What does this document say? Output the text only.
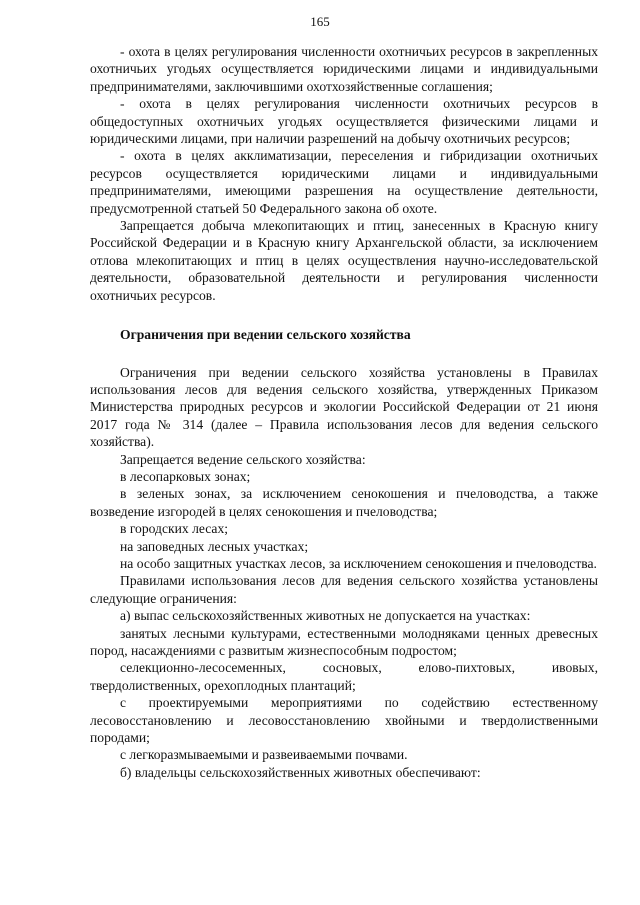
165

- охота в целях регулирования численности охотничьих ресурсов в закрепленных охотничьих угодьях осуществляется юридическими лицами и индивидуальными предпринимателями, заключившими охотхозяйственные соглашения;

- охота в целях регулирования численности охотничьих ресурсов в общедоступных охотничьих угодьях осуществляется физическими лицами и юридическими лицами, при наличии разрешений на добычу охотничьих ресурсов;

- охота в целях акклиматизации, переселения и гибридизации охотничьих ресурсов осуществляется юридическими лицами и индивидуальными предпринимателями, имеющими разрешения на осуществление деятельности, предусмотренной статьей 50 Федерального закона об охоте.

Запрещается добыча млекопитающих и птиц, занесенных в Красную книгу Российской Федерации и в Красную книгу Архангельской области, за исключением отлова млекопитающих и птиц в целях осуществления научно-исследовательской деятельности, образовательной деятельности и регулирования численности охотничьих ресурсов.

Ограничения при ведении сельского хозяйства

Ограничения при ведении сельского хозяйства установлены в Правилах использования лесов для ведения сельского хозяйства, утвержденных Приказом Министерства природных ресурсов и экологии Российской Федерации от 21 июня 2017 года № 314 (далее – Правила использования лесов для ведения сельского хозяйства).

Запрещается ведение сельского хозяйства:

в лесопарковых зонах;

в зеленых зонах, за исключением сенокошения и пчеловодства, а также возведение изгородей в целях сенокошения и пчеловодства;

в городских лесах;

на заповедных лесных участках;

на особо защитных участках лесов, за исключением сенокошения и пчеловодства.

Правилами использования лесов для ведения сельского хозяйства установлены следующие ограничения:

а) выпас сельскохозяйственных животных не допускается на участках:

занятых лесными культурами, естественными молодняками ценных древесных пород, насаждениями с развитым жизнеспособным подростом;

селекционно-лесосеменных, сосновых, елово-пихтовых, ивовых, твердолиственных, орехоплодных плантаций;

с проектируемыми мероприятиями по содействию естественному лесовосстановлению и лесовосстановлению хвойными и твердолиственными породами;

с легкоразмываемыми и развеиваемыми почвами.

б) владельцы сельскохозяйственных животных обеспечивают:
